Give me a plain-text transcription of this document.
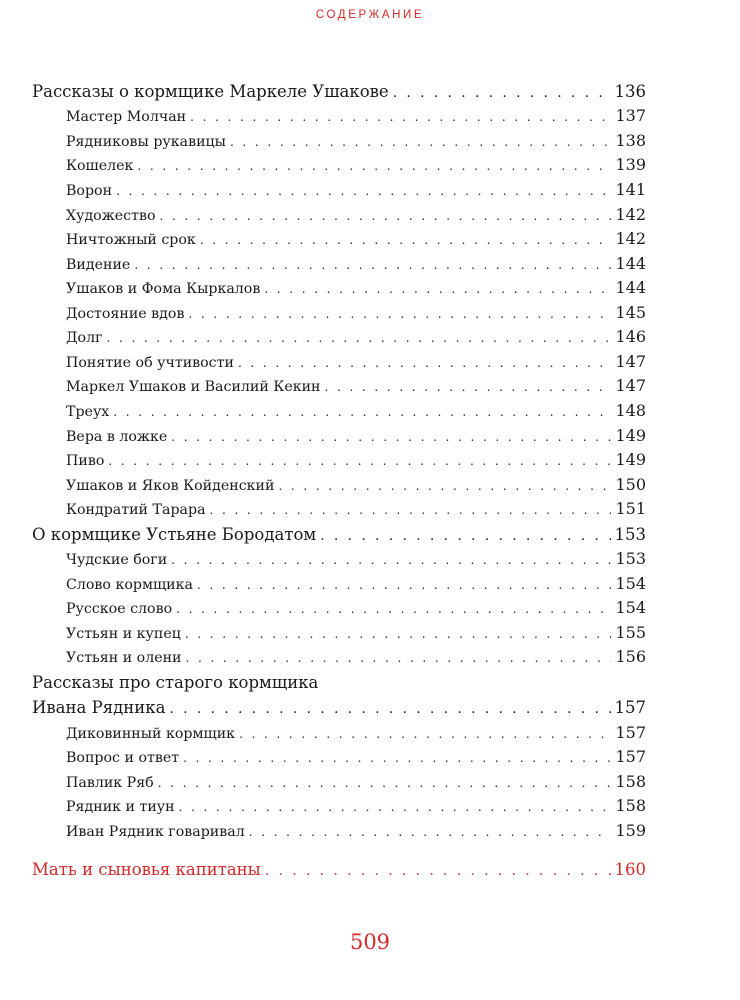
СОДЕРЖАНИЕ
Рассказы о кормщике Маркеле Ушакове . . .	136
Мастер Молчан . . .	137
Рядниковы рукавицы . . .	138
Кошелек . . .	139
Ворон . . .	141
Художество . . .	142
Ничтожный срок . . .	142
Видение . . .	144
Ушаков и Фома Кыркалов . . .	144
Достояние вдов . . .	145
Долг . . .	146
Понятие об учтивости . . .	147
Маркел Ушаков и Василий Кекин . . .	147
Треух . . .	148
Вера в ложке . . .	149
Пиво . . .	149
Ушаков и Яков Койденский . . .	150
Кондратий Тарара . . .	151
О кормщике Устьяне Бородатом . . .	153
Чудские боги . . .	153
Слово кормщика . . .	154
Русское слово . . .	154
Устьян и купец . . .	155
Устьян и олени . . .	156
Рассказы про старого кормщика
Ивана Рядника . . .	157
Диковинный кормщик . . .	157
Вопрос и ответ . . .	157
Павлик Ряб . . .	158
Рядник и тиун . . .	158
Иван Рядник говаривал . . .	159
Мать и сыновья капитаны . . .	160
509
